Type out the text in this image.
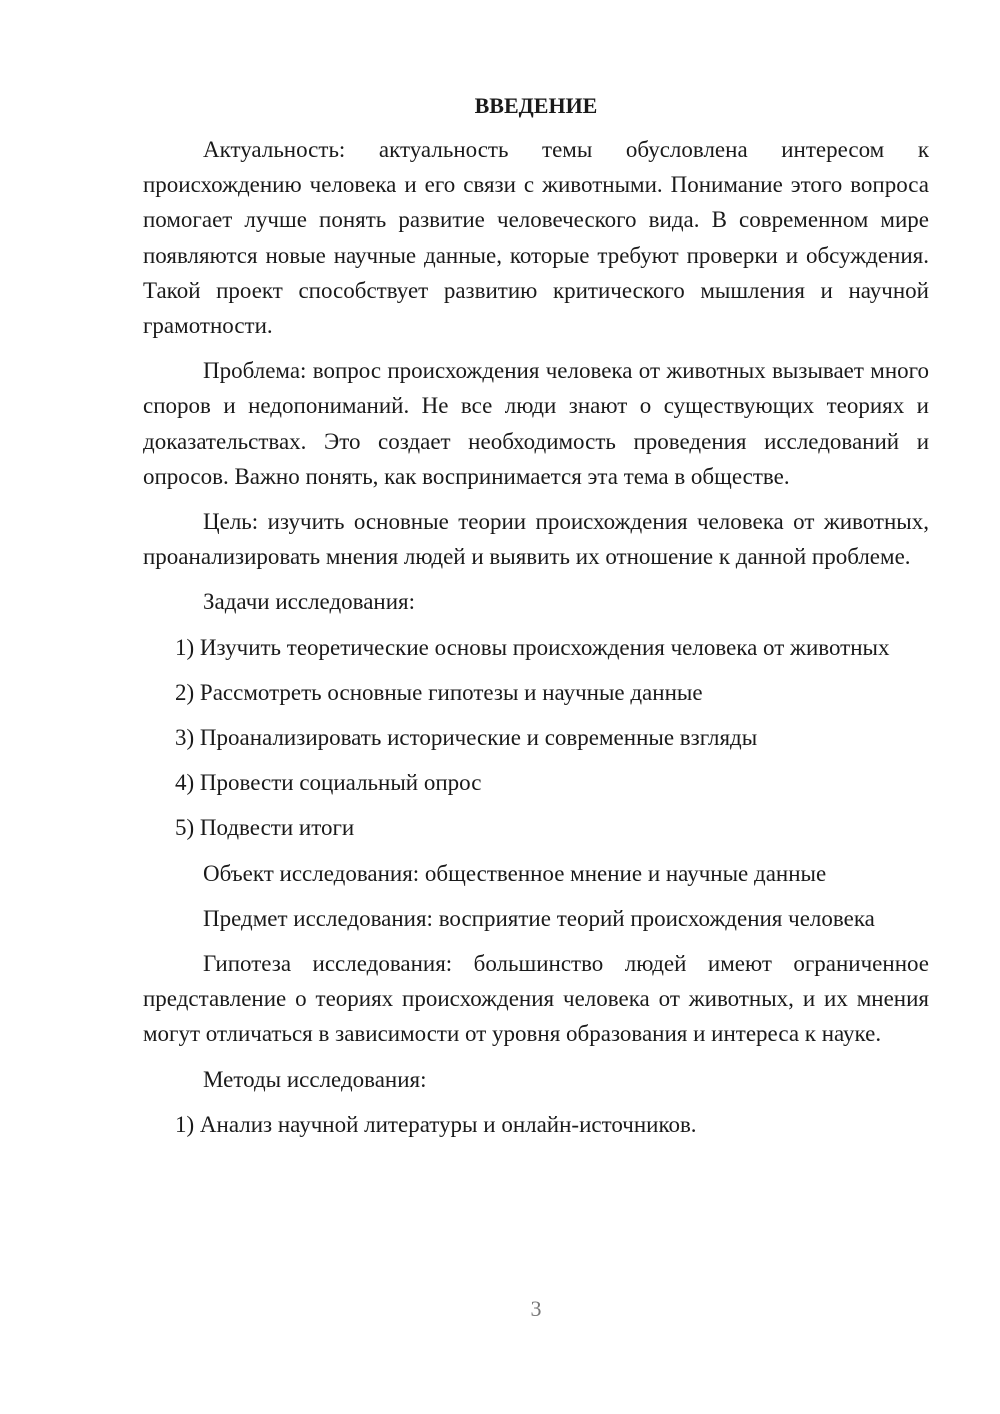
ВВЕДЕНИЕ

Актуальность: актуальность темы обусловлена интересом к происхождению человека и его связи с животными. Понимание этого вопроса помогает лучше понять развитие человеческого вида. В современном мире появляются новые научные данные, которые требуют проверки и обсуждения. Такой проект способствует развитию критического мышления и научной грамотности.

Проблема: вопрос происхождения человека от животных вызывает много споров и недопониманий. Не все люди знают о существующих теориях и доказательствах. Это создает необходимость проведения исследований и опросов. Важно понять, как воспринимается эта тема в обществе.

Цель: изучить основные теории происхождения человека от животных, проанализировать мнения людей и выявить их отношение к данной проблеме.

Задачи исследования:

1) Изучить теоретические основы происхождения человека от животных

2) Рассмотреть основные гипотезы и научные данные

3) Проанализировать исторические и современные взгляды

4) Провести социальный опрос

5) Подвести итоги

Объект исследования: общественное мнение и научные данные

Предмет исследования: восприятие теорий происхождения человека

Гипотеза исследования: большинство людей имеют ограниченное представление о теориях происхождения человека от животных, и их мнения могут отличаться в зависимости от уровня образования и интереса к науке.

Методы исследования:

1) Анализ научной литературы и онлайн-источников.

3
